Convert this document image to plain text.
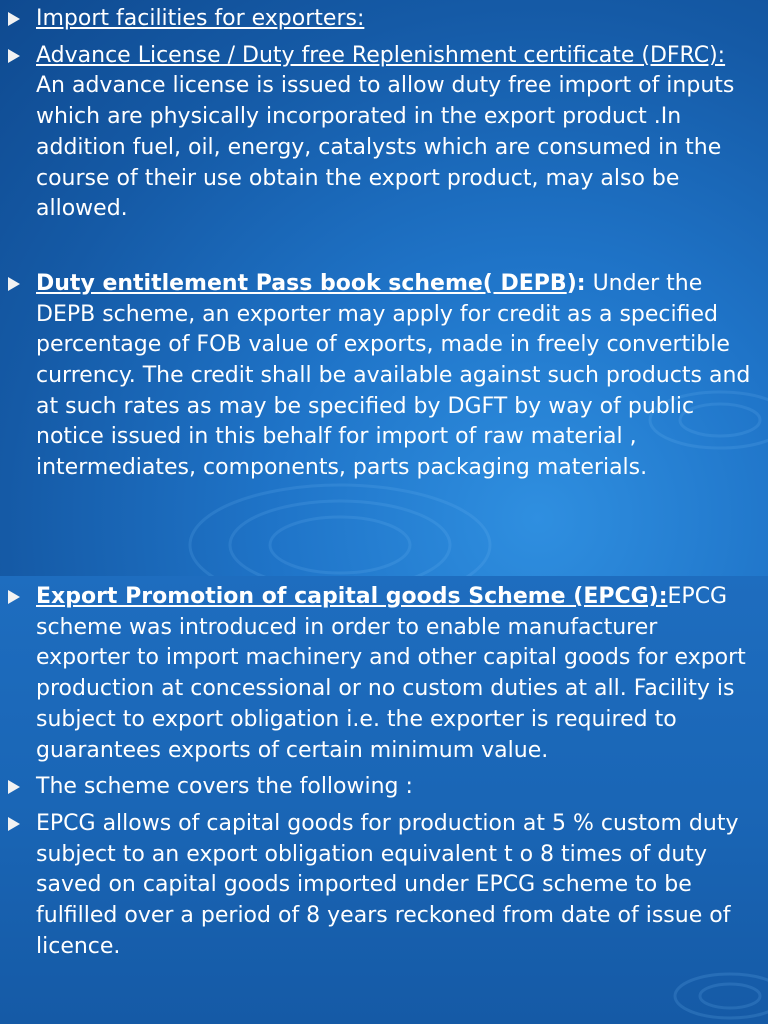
Import facilities for exporters:
Advance License / Duty free Replenishment certificate (DFRC): An advance license is issued to allow duty free import of inputs which are physically incorporated in the export product .In addition fuel, oil, energy, catalysts which are consumed in the course of their use obtain the export product, may also be allowed.
Duty entitlement Pass book scheme( DEPB): Under the DEPB scheme, an exporter may apply for credit as a specified percentage of FOB value of exports, made in freely convertible currency. The credit shall be available against such products and at such rates as may be specified by DGFT by way of public notice issued in this behalf for import of raw material , intermediates, components, parts packaging materials.
Export Promotion of capital goods Scheme (EPCG):EPCG scheme was introduced in order to enable manufacturer exporter to import machinery and other capital goods for export production at concessional or no custom duties at all. Facility is subject to export obligation i.e. the exporter is required to guarantees exports of certain minimum value.
The scheme covers the following :
EPCG allows of capital goods for production at 5 % custom duty subject to an export obligation equivalent t o 8 times of duty saved on capital goods imported under EPCG scheme to be fulfilled over a period of 8 years reckoned from date of issue of licence.
